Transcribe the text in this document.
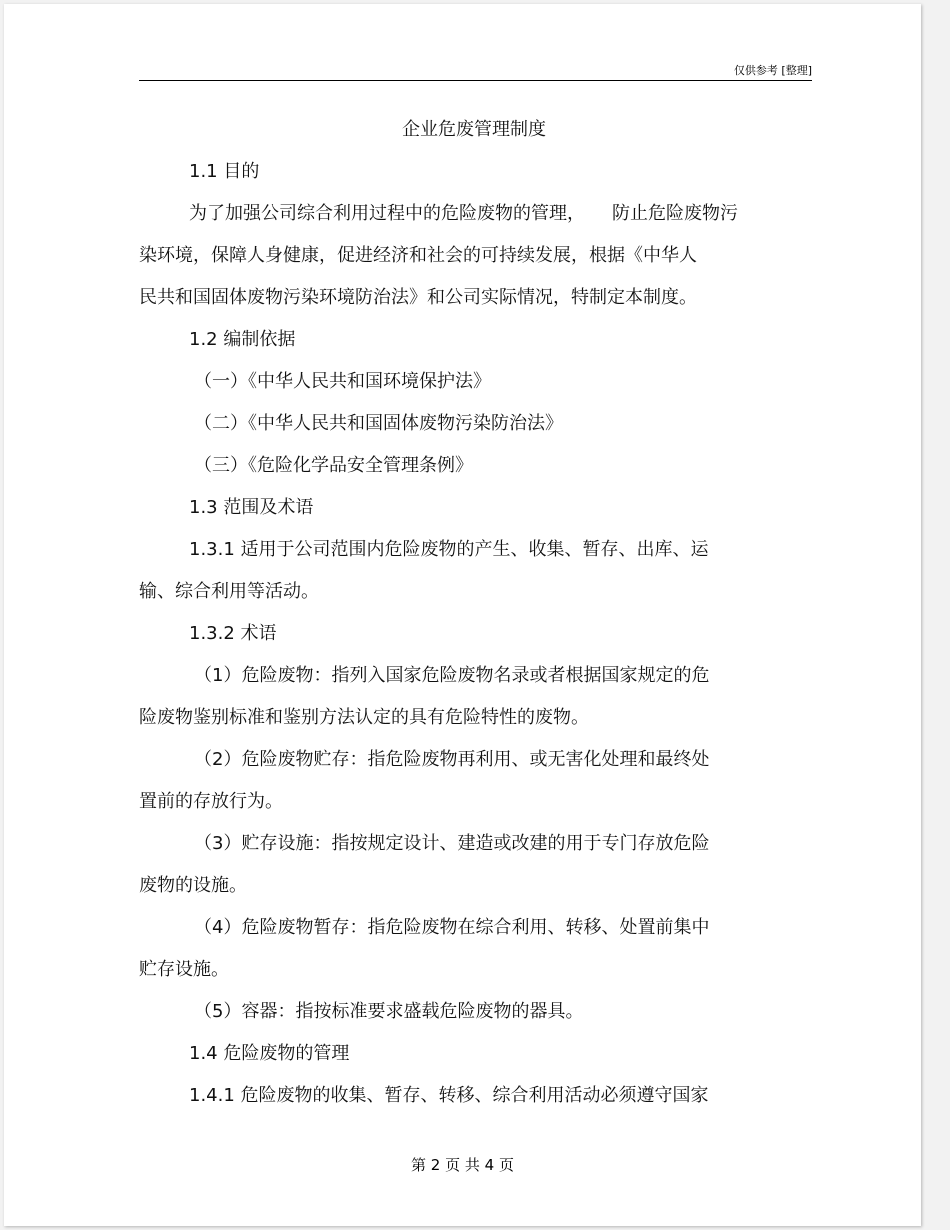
仅供参考 [整理]
企业危废管理制度

1.1 目的

为了加强公司综合利用过程中的危险废物的管理，　　防止危险废物污

染环境，保障人身健康，促进经济和社会的可持续发展，根据《中华人

民共和国固体废物污染环境防治法》和公司实际情况，特制定本制度。

1.2 编制依据

（一）《中华人民共和国环境保护法》

（二）《中华人民共和国固体废物污染防治法》

（三）《危险化学品安全管理条例》

1.3 范围及术语

1.3.1 适用于公司范围内危险废物的产生、收集、暂存、出库、运

输、综合利用等活动。

1.3.2 术语

（1）危险废物：指列入国家危险废物名录或者根据国家规定的危

险废物鉴别标准和鉴别方法认定的具有危险特性的废物。

（2）危险废物贮存：指危险废物再利用、或无害化处理和最终处

置前的存放行为。

（3）贮存设施：指按规定设计、建造或改建的用于专门存放危险

废物的设施。

（4）危险废物暂存：指危险废物在综合利用、转移、处置前集中

贮存设施。

（5）容器：指按标准要求盛载危险废物的器具。

1.4 危险废物的管理

1.4.1 危险废物的收集、暂存、转移、综合利用活动必须遵守国家

第 2 页 共 4 页
